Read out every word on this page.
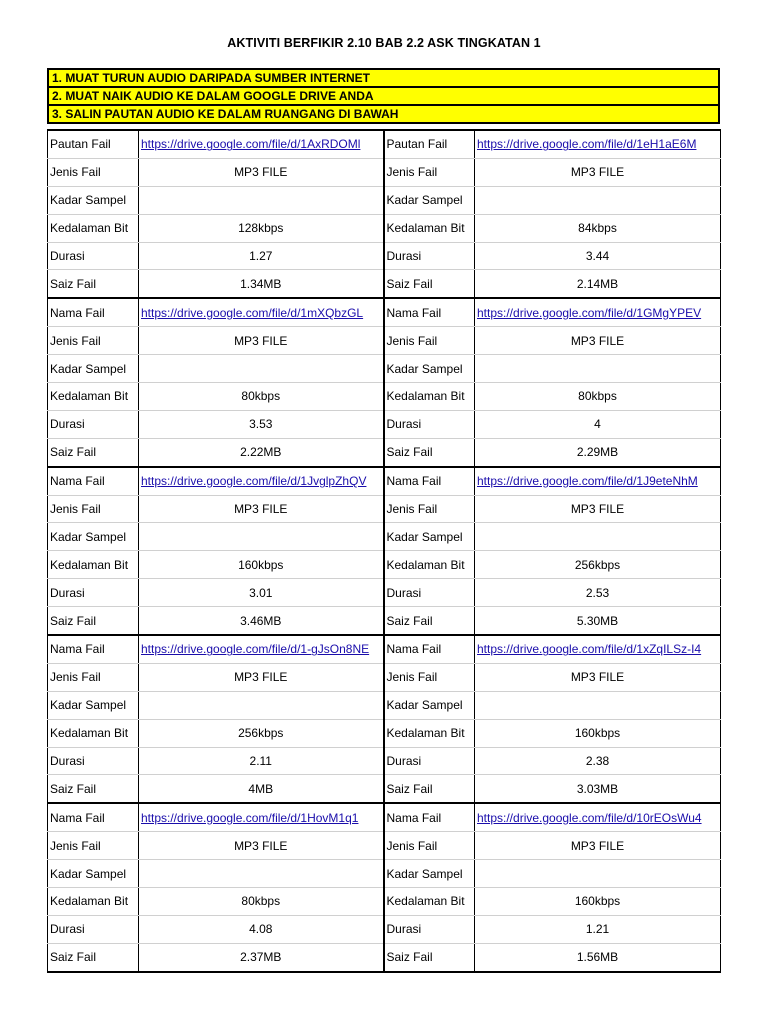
AKTIVITI BERFIKIR 2.10 BAB 2.2 ASK TINGKATAN 1
1. MUAT TURUN AUDIO DARIPADA SUMBER INTERNET
2. MUAT NAIK AUDIO KE DALAM GOOGLE DRIVE ANDA
3. SALIN PAUTAN AUDIO KE DALAM RUANGANG DI BAWAH
Pautan Fail	https://drive.google.com/file/d/1AxRDOMl	Pautan Fail	https://drive.google.com/file/d/1eH1aE6M
Jenis Fail	MP3 FILE	Jenis Fail	MP3 FILE
Kadar Sampel		Kadar Sampel	
Kedalaman Bit	128kbps	Kedalaman Bit	84kbps
Durasi	1.27	Durasi	3.44
Saiz Fail	1.34MB	Saiz Fail	2.14MB
Nama Fail	https://drive.google.com/file/d/1mXQbzGL	Nama Fail	https://drive.google.com/file/d/1GMgYPEV
Jenis Fail	MP3 FILE	Jenis Fail	MP3 FILE
Kadar Sampel		Kadar Sampel	
Kedalaman Bit	80kbps	Kedalaman Bit	80kbps
Durasi	3.53	Durasi	4
Saiz Fail	2.22MB	Saiz Fail	2.29MB
Nama Fail	https://drive.google.com/file/d/1JvglpZhQV	Nama Fail	https://drive.google.com/file/d/1J9eteNhM
Jenis Fail	MP3 FILE	Jenis Fail	MP3 FILE
Kadar Sampel		Kadar Sampel	
Kedalaman Bit	160kbps	Kedalaman Bit	256kbps
Durasi	3.01	Durasi	2.53
Saiz Fail	3.46MB	Saiz Fail	5.30MB
Nama Fail	https://drive.google.com/file/d/1-gJsOn8NE	Nama Fail	https://drive.google.com/file/d/1xZqILSz-I4
Jenis Fail	MP3 FILE	Jenis Fail	MP3 FILE
Kadar Sampel		Kadar Sampel	
Kedalaman Bit	256kbps	Kedalaman Bit	160kbps
Durasi	2.11	Durasi	2.38
Saiz Fail	4MB	Saiz Fail	3.03MB
Nama Fail	https://drive.google.com/file/d/1HovM1q1	Nama Fail	https://drive.google.com/file/d/10rEOsWu4
Jenis Fail	MP3 FILE	Jenis Fail	MP3 FILE
Kadar Sampel		Kadar Sampel	
Kedalaman Bit	80kbps	Kedalaman Bit	160kbps
Durasi	4.08	Durasi	1.21
Saiz Fail	2.37MB	Saiz Fail	1.56MB
